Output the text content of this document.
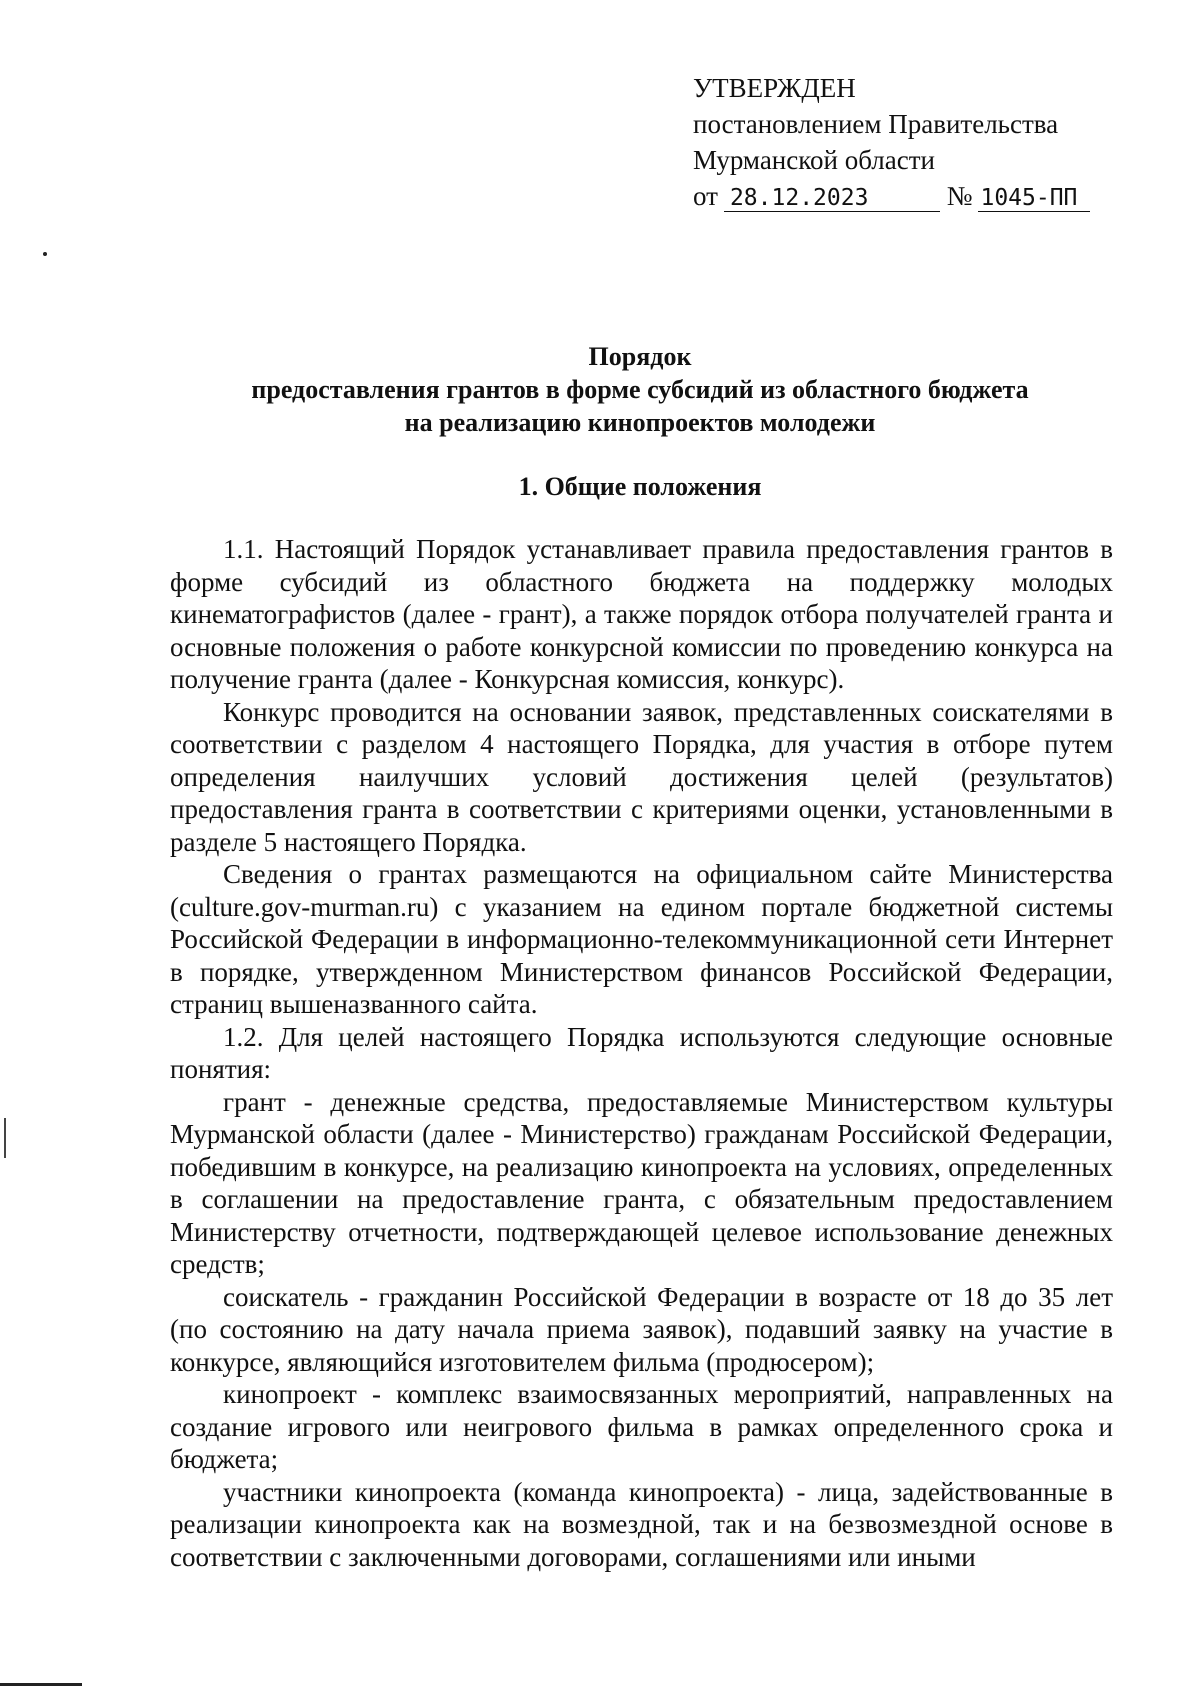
УТВЕРЖДЕН
постановлением Правительства
Мурманской области
от 28.12.2023	№ 1045-ПП
Порядок
предоставления грантов в форме субсидий из областного бюджета
на реализацию кинопроектов молодежи
1. Общие положения

1.1. Настоящий Порядок устанавливает правила предоставления грантов в форме субсидий из областного бюджета на поддержку молодых кинематографистов (далее - грант), а также порядок отбора получателей гранта и основные положения о работе конкурсной комиссии по проведению конкурса на получение гранта (далее - Конкурсная комиссия, конкурс).

Конкурс проводится на основании заявок, представленных соискателями в соответствии с разделом 4 настоящего Порядка, для участия в отборе путем определения наилучших условий достижения целей (результатов) предоставления гранта в соответствии с критериями оценки, установленными в разделе 5 настоящего Порядка.

Сведения о грантах размещаются на официальном сайте Министерства (culture.gov-murman.ru) с указанием на едином портале бюджетной системы Российской Федерации в информационно-телекоммуникационной сети Интернет в порядке, утвержденном Министерством финансов Российской Федерации, страниц вышеназванного сайта.

1.2. Для целей настоящего Порядка используются следующие основные понятия:

грант - денежные средства, предоставляемые Министерством культуры Мурманской области (далее - Министерство) гражданам Российской Федерации, победившим в конкурсе, на реализацию кинопроекта на условиях, определенных в соглашении на предоставление гранта, с обязательным предоставлением Министерству отчетности, подтверждающей целевое использование денежных средств;

соискатель - гражданин Российской Федерации в возрасте от 18 до 35 лет (по состоянию на дату начала приема заявок), подавший заявку на участие в конкурсе, являющийся изготовителем фильма (продюсером);

кинопроект - комплекс взаимосвязанных мероприятий, направленных на создание игрового или неигрового фильма в рамках определенного срока и бюджета;

участники кинопроекта (команда кинопроекта) - лица, задействованные в реализации кинопроекта как на возмездной, так и на безвозмездной основе в соответствии с заключенными договорами, соглашениями или иными
